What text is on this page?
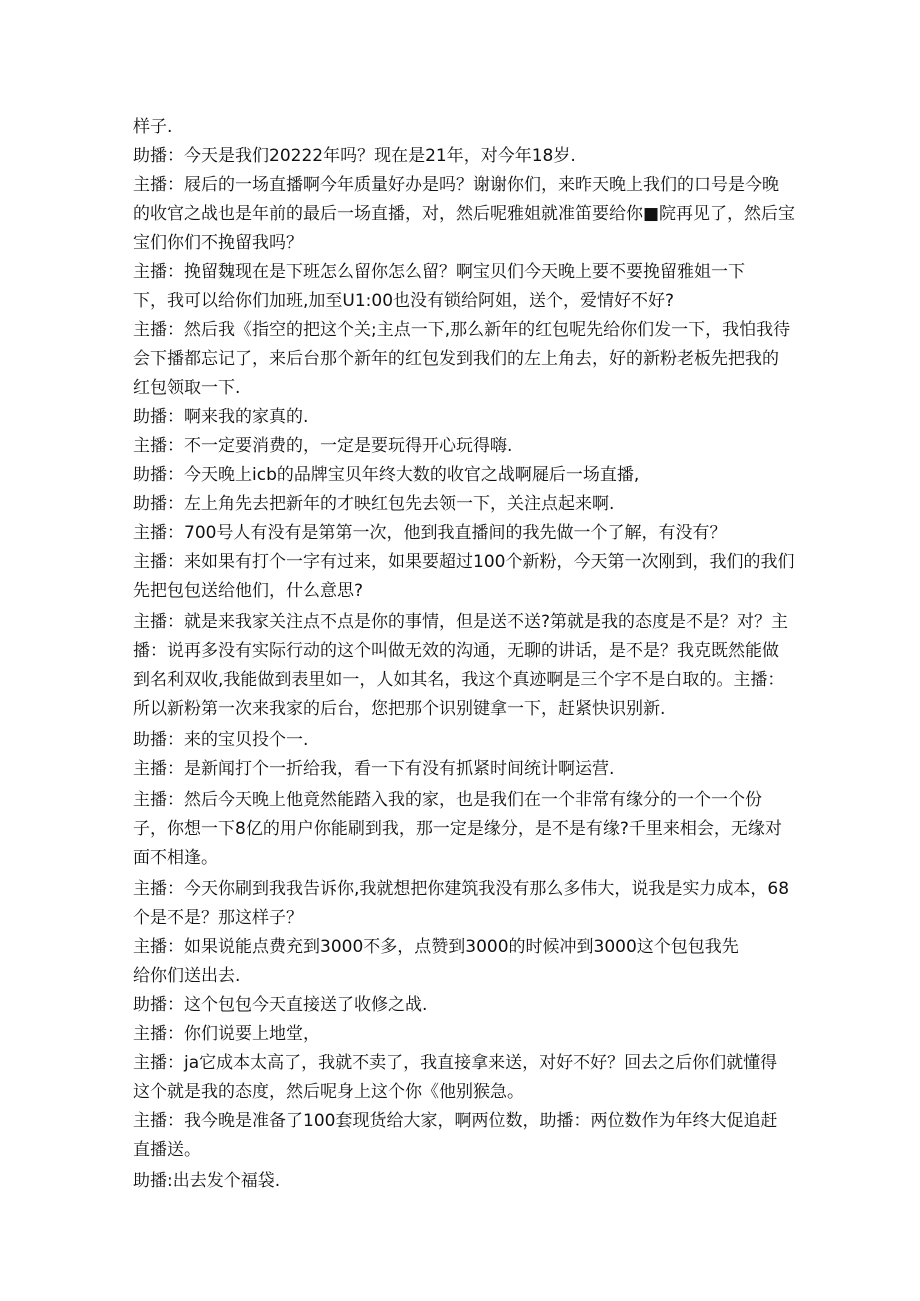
样子.

助播：今天是我们20222年吗？现在是21年，对今年18岁.

主播：屐后的一场直播啊今年质量好办是吗？谢谢你们，来昨天晚上我们的口号是今晚

的收官之战也是年前的最后一场直播，对，然后呢雅姐就准笛要给你■院再见了，然后宝

宝们你们不挽留我吗？

主播：挽留魏现在是下班怎么留你怎么留？啊宝贝们今天晚上要不要挽留雅姐一下

下，我可以给你们加班,加至U1:00也没有锁给阿姐，送个，爱情好不好?

主播：然后我《指空的把这个关;主点一下,那么新年的红包呢先给你们发一下，我怕我待

会下播都忘记了，来后台那个新年的红包发到我们的左上角去，好的新粉老板先把我的

红包领取一下.

助播：啊来我的家真的.

主播：不一定要消费的，一定是要玩得开心玩得嗨.

助播：今天晚上icb的品牌宝贝年终大数的收官之战啊屣后一场直播,

助播：左上角先去把新年的才映红包先去领一下，关注点起来啊.

主播：700号人有没有是第第一次，他到我直播间的我先做一个了解，有没有？

主播：来如果有打个一字有过来，如果要超过100个新粉，今天第一次刚到，我们的我们

先把包包送给他们，什么意思?

主播：就是来我家关注点不点是你的事情，但是送不送?第就是我的态度是不是？对？主

播：说再多没有实际行动的这个叫做无效的沟通，无聊的讲话，是不是？我克既然能做

到名利双收,我能做到表里如一，人如其名，我这个真迹啊是三个字不是白取的。主播：

所以新粉第一次来我家的后台，您把那个识别键拿一下，赶紧快识别新.

助播：来的宝贝投个一.

主播：是新闻打个一折给我，看一下有没有抓紧时间统计啊运营.

主播：然后今天晚上他竟然能踏入我的家，也是我们在一个非常有缘分的一个一个份

子，你想一下8亿的用户你能刷到我，那一定是缘分，是不是有缘?千里来相会，无缘对

面不相逢。

主播：今天你刷到我我告诉你,我就想把你建筑我没有那么多伟大，说我是实力成本，68

个是不是？那这样子？

主播：如果说能点费充到3000不多，点赞到3000的时候冲到3000这个包包我先

给你们送出去.

助播：这个包包今天直接送了收修之战.

主播：你们说要上地堂，

主播：ja它成本太高了，我就不卖了，我直接拿来送，对好不好？回去之后你们就懂得

这个就是我的态度，然后呢身上这个你《他别猴急。

主播：我今晚是准备了100套现货给大家，啊两位数，助播：两位数作为年终大促追赶

直播送。

助播:出去发个福袋.
